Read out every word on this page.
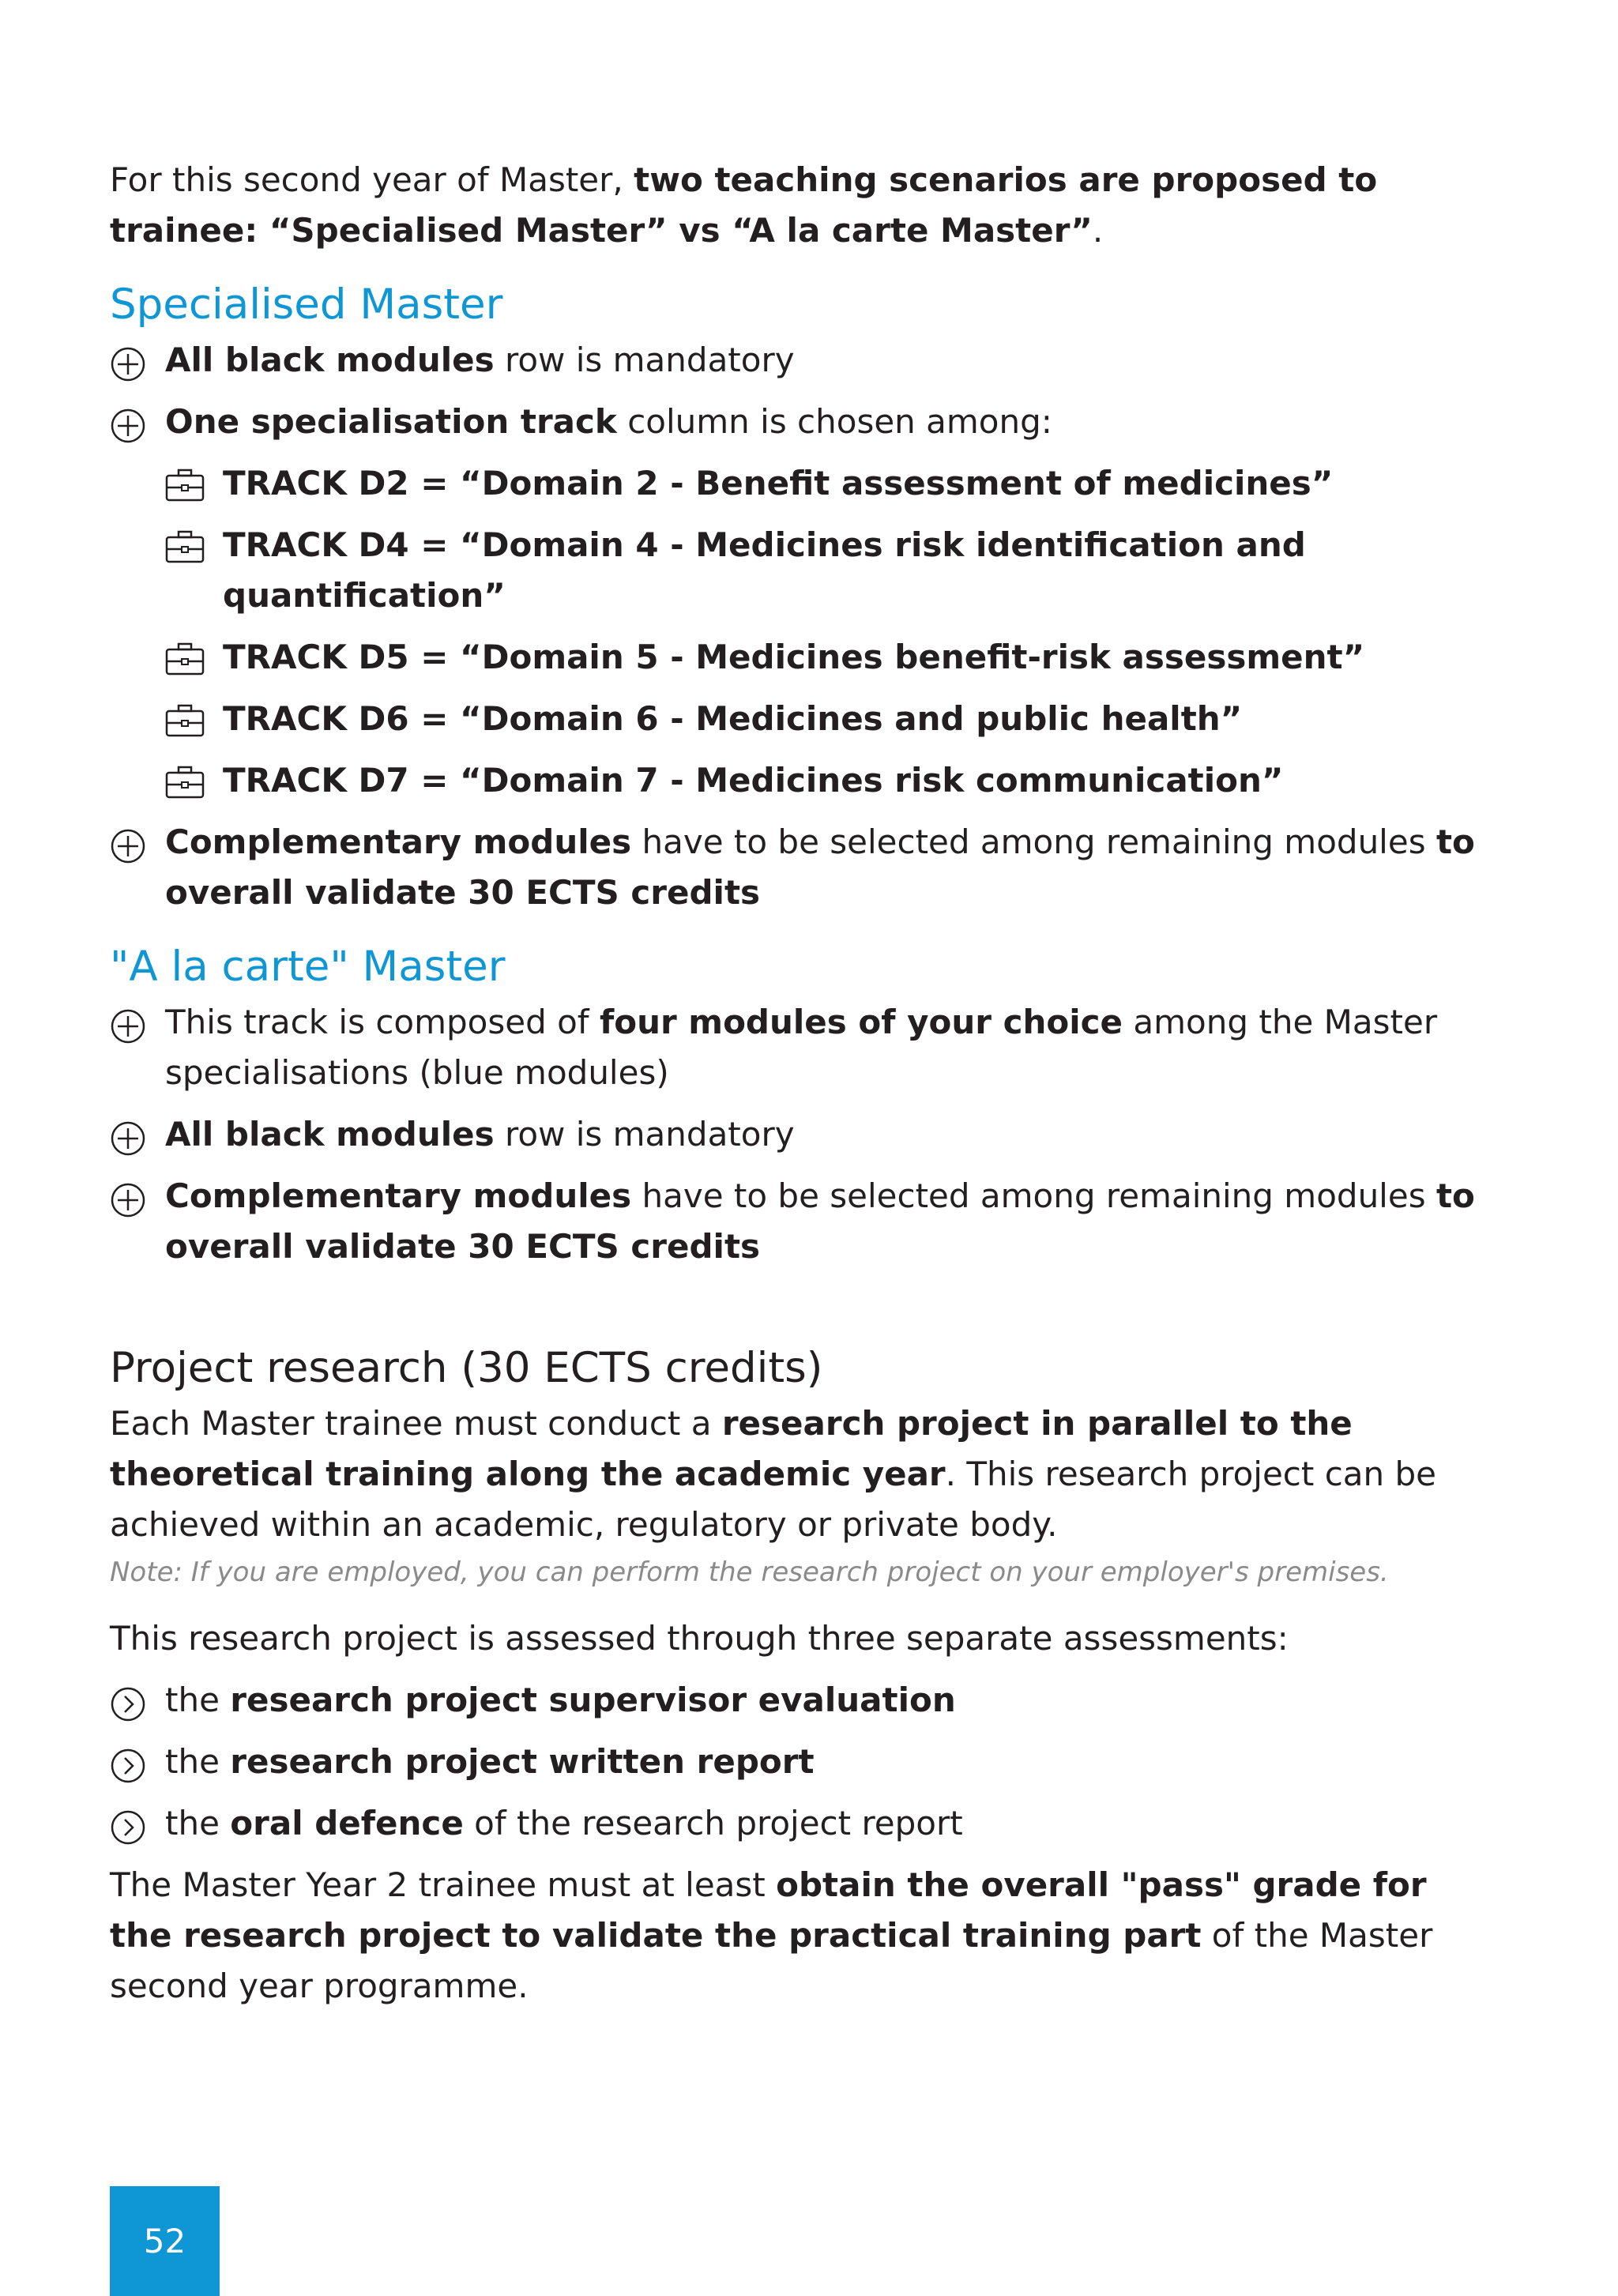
For this second year of Master, two teaching scenarios are proposed to trainee: “Specialised Master” vs “A la carte Master”.

Specialised Master

All black modules row is mandatory

One specialisation track column is chosen among:

TRACK D2 = “Domain 2 - Benefit assessment of medicines”

TRACK D4 = “Domain 4 - Medicines risk identification and quantification”

TRACK D5 = “Domain 5 - Medicines benefit-risk assessment”

TRACK D6 = “Domain 6 - Medicines and public health”

TRACK D7 = “Domain 7 - Medicines risk communication”

Complementary modules have to be selected among remaining modules to overall validate 30 ECTS credits

"A la carte" Master

This track is composed of four modules of your choice among the Master specialisations (blue modules)

All black modules row is mandatory

Complementary modules have to be selected among remaining modules to overall validate 30 ECTS credits

Project research (30 ECTS credits)

Each Master trainee must conduct a research project in parallel to the theoretical training along the academic year. This research project can be achieved within an academic, regulatory or private body.

Note: If you are employed, you can perform the research project on your employer's premises.

This research project is assessed through three separate assessments:

the research project supervisor evaluation

the research project written report

the oral defence of the research project report

The Master Year 2 trainee must at least obtain the overall "pass" grade for the research project to validate the practical training part of the Master second year programme.

52
